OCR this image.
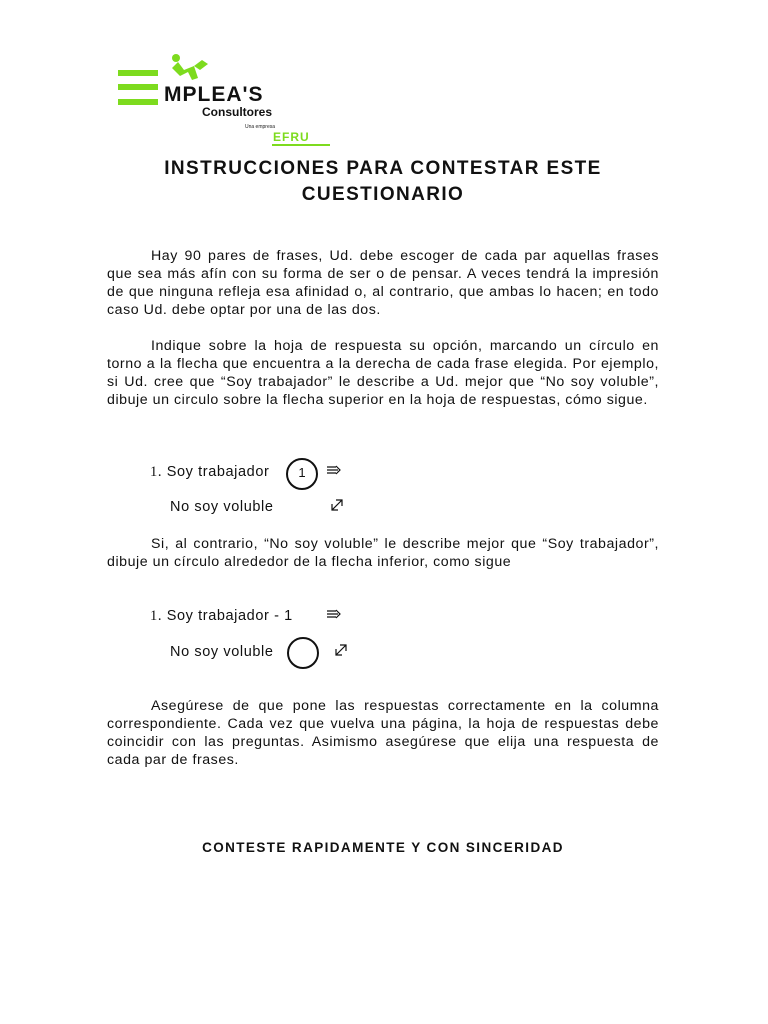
MPLEA'S
Consultores
Una empresa
EFRU
INSTRUCCIONES PARA CONTESTAR ESTE CUESTIONARIO

Hay 90 pares de frases, Ud. debe escoger de cada par aquellas frases que sea más afín con su forma de ser o de pensar. A veces tendrá la impresión de que ninguna refleja esa afinidad o, al contrario, que ambas lo hacen; en todo caso Ud. debe optar por una de las dos.

Indique sobre la hoja de respuesta su opción, marcando un círculo en torno a la flecha que encuentra a la derecha de cada frase elegida. Por ejemplo, si Ud. cree que “Soy trabajador” le describe a Ud. mejor que “No soy voluble”, dibuje un circulo sobre la flecha superior en la hoja de respuestas, cómo sigue.

1. Soy trabajador	1
No soy voluble

Si, al contrario, “No soy voluble” le describe mejor que “Soy trabajador”, dibuje un círculo alrededor de la flecha inferior, como sigue

1. Soy trabajador - 1
No soy voluble

Asegúrese de que pone las respuestas correctamente en la columna correspondiente. Cada vez que vuelva una página, la hoja de respuestas debe coincidir con las preguntas. Asimismo asegúrese que elija una respuesta de cada par de frases.

CONTESTE RAPIDAMENTE Y CON SINCERIDAD
